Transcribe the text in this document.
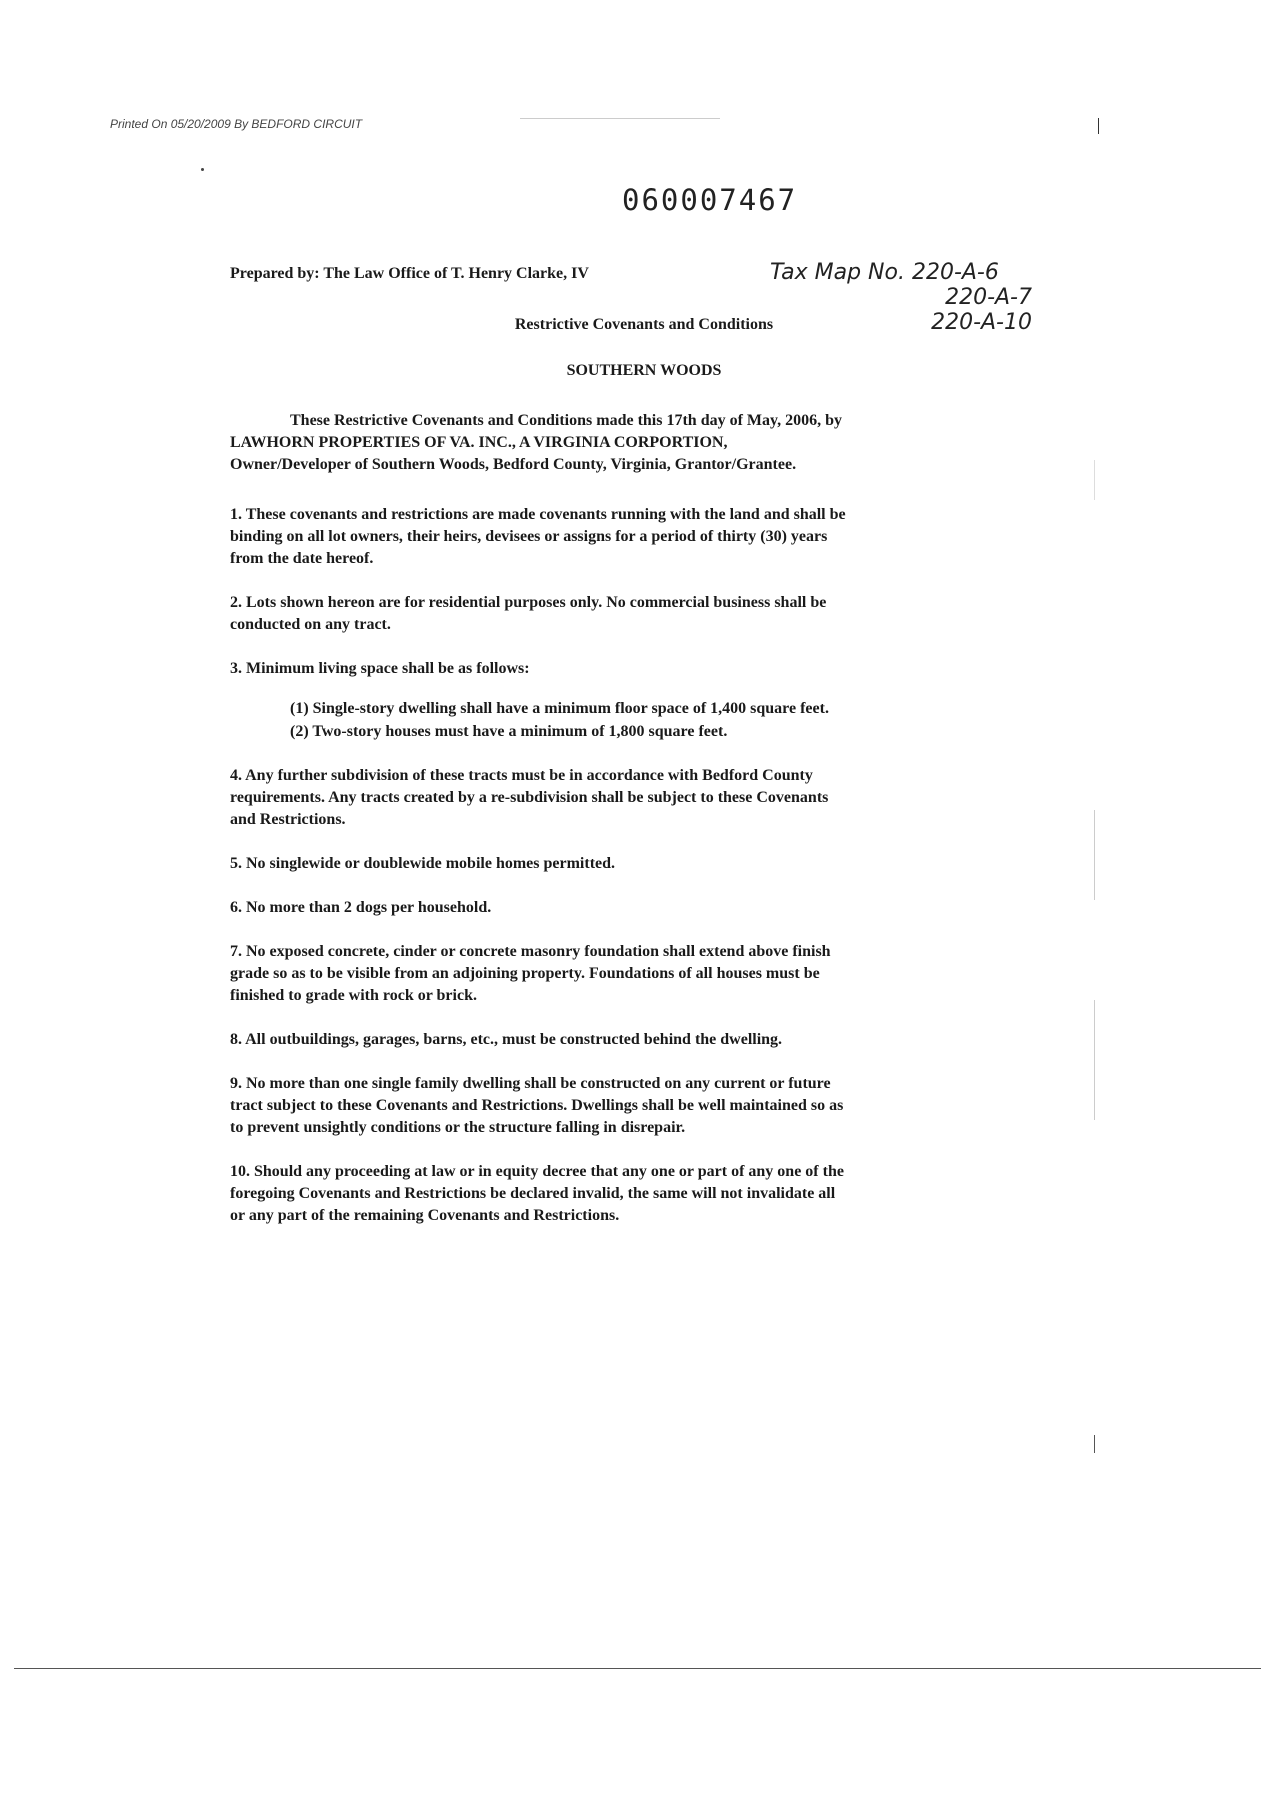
Printed On 05/20/2009 By BEDFORD CIRCUIT
060007467
Prepared by: The Law Office of T. Henry Clarke, IV	Tax Map No. 220-A-6
220-A-7
220-A-10
Restrictive Covenants and Conditions
SOUTHERN WOODS
These Restrictive Covenants and Conditions made this 17th day of May, 2006, by
LAWHORN PROPERTIES OF VA. INC., A VIRGINIA CORPORTION,
Owner/Developer of Southern Woods, Bedford County, Virginia, Grantor/Grantee.
1. These covenants and restrictions are made covenants running with the land and shall be
binding on all lot owners, their heirs, devisees or assigns for a period of thirty (30) years
from the date hereof.
2. Lots shown hereon are for residential purposes only. No commercial business shall be
conducted on any tract.
3. Minimum living space shall be as follows:
(1) Single-story dwelling shall have a minimum floor space of 1,400 square feet.
(2) Two-story houses must have a minimum of 1,800 square feet.
4. Any further subdivision of these tracts must be in accordance with Bedford County
requirements. Any tracts created by a re-subdivision shall be subject to these Covenants
and Restrictions.
5. No singlewide or doublewide mobile homes permitted.
6. No more than 2 dogs per household.
7. No exposed concrete, cinder or concrete masonry foundation shall extend above finish
grade so as to be visible from an adjoining property. Foundations of all houses must be
finished to grade with rock or brick.
8. All outbuildings, garages, barns, etc., must be constructed behind the dwelling.
9. No more than one single family dwelling shall be constructed on any current or future
tract subject to these Covenants and Restrictions. Dwellings shall be well maintained so as
to prevent unsightly conditions or the structure falling in disrepair.
10. Should any proceeding at law or in equity decree that any one or part of any one of the
foregoing Covenants and Restrictions be declared invalid, the same will not invalidate all
or any part of the remaining Covenants and Restrictions.
